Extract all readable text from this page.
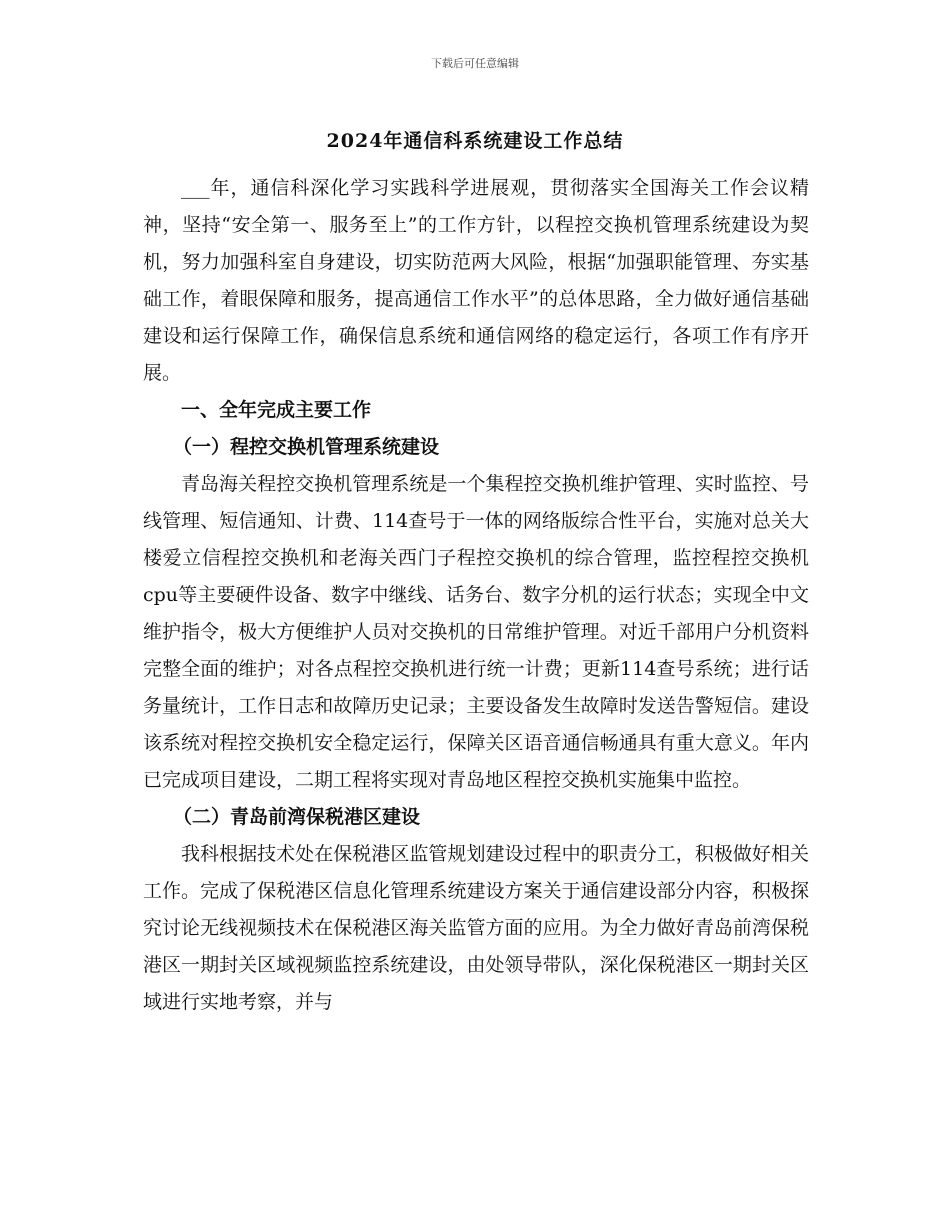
下载后可任意编辑
2024年通信科系统建设工作总结

___年，通信科深化学习实践科学进展观，贯彻落实全国海关工作会议精神，坚持“安全第一、服务至上”的工作方针，以程控交换机管理系统建设为契机，努力加强科室自身建设，切实防范两大风险，根据“加强职能管理、夯实基础工作，着眼保障和服务，提高通信工作水平”的总体思路，全力做好通信基础建设和运行保障工作，确保信息系统和通信网络的稳定运行，各项工作有序开展。

一、全年完成主要工作

（一）程控交换机管理系统建设

青岛海关程控交换机管理系统是一个集程控交换机维护管理、实时监控、号线管理、短信通知、计费、114查号于一体的网络版综合性平台，实施对总关大楼爱立信程控交换机和老海关西门子程控交换机的综合管理，监控程控交换机cpu等主要硬件设备、数字中继线、话务台、数字分机的运行状态；实现全中文维护指令，极大方便维护人员对交换机的日常维护管理。对近千部用户分机资料完整全面的维护；对各点程控交换机进行统一计费；更新114查号系统；进行话务量统计，工作日志和故障历史记录；主要设备发生故障时发送告警短信。建设该系统对程控交换机安全稳定运行，保障关区语音通信畅通具有重大意义。年内已完成项目建设，二期工程将实现对青岛地区程控交换机实施集中监控。

（二）青岛前湾保税港区建设

我科根据技术处在保税港区监管规划建设过程中的职责分工，积极做好相关工作。完成了保税港区信息化管理系统建设方案关于通信建设部分内容，积极探究讨论无线视频技术在保税港区海关监管方面的应用。为全力做好青岛前湾保税港区一期封关区域视频监控系统建设，由处领导带队，深化保税港区一期封关区域进行实地考察，并与
